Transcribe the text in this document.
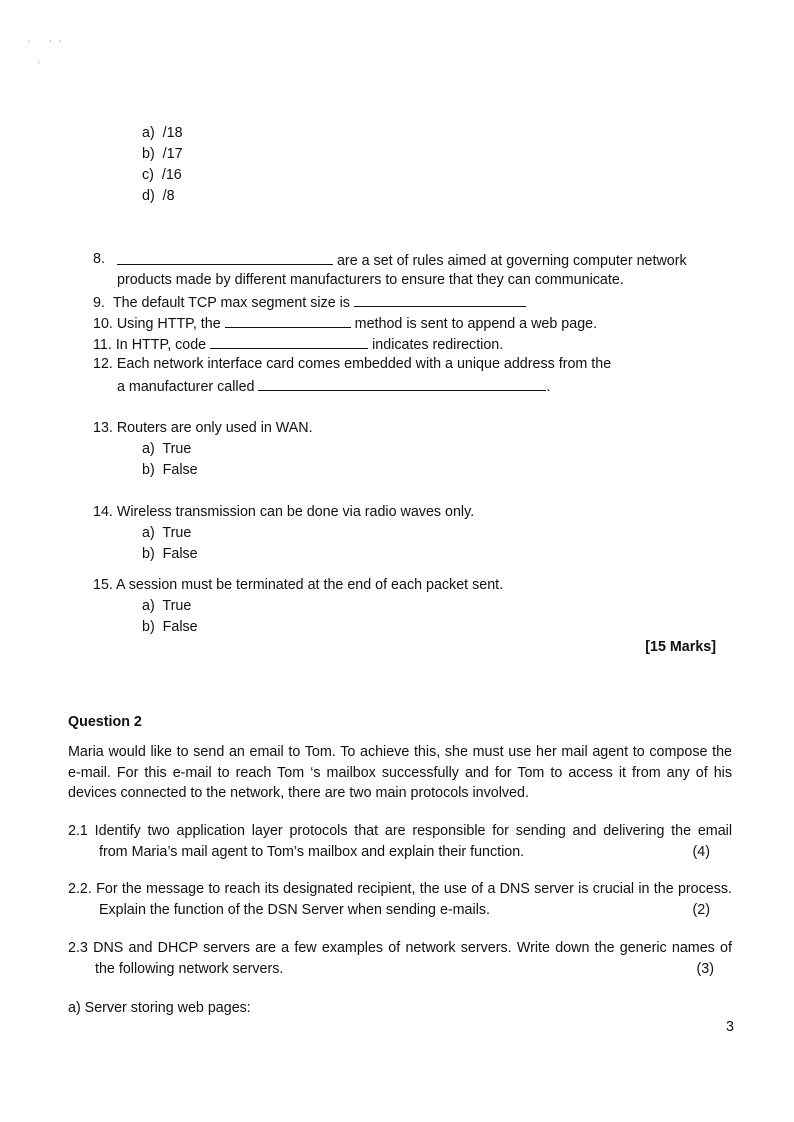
'        '   '
'
a) /18
b) /17
c) /16
d) /8
8.	are a set of rules aimed at governing computer network
products made by different manufacturers to ensure that they can communicate.
9. The default TCP max segment size is
10. Using HTTP, the	method is sent to append a web page.
11. In HTTP, code	indicates redirection.
12. Each network interface card comes embedded with a unique address from the
a manufacturer called	.
13. Routers are only used in WAN.
a) True
b) False
14. Wireless transmission can be done via radio waves only.
a) True
b) False
15. A session must be terminated at the end of each packet sent.
a) True
b) False
[15 Marks]
Question 2
Maria would like to send an email to Tom. To achieve this, she must use her mail agent to compose the e-mail. For this e-mail to reach Tom ‘s mailbox successfully and for Tom to access it from any of his devices connected to the network, there are two main protocols involved.
2.1 Identify two application layer protocols that are responsible for sending and delivering the email
from Maria’s mail agent to Tom’s mailbox and explain their function.	(4)
2.2. For the message to reach its designated recipient, the use of a DNS server is crucial in the process.
Explain the function of the DSN Server when sending e-mails.	(2)
2.3 DNS and DHCP servers are a few examples of network servers. Write down the generic names of
the following network servers.	(3)
a) Server storing web pages:
3
